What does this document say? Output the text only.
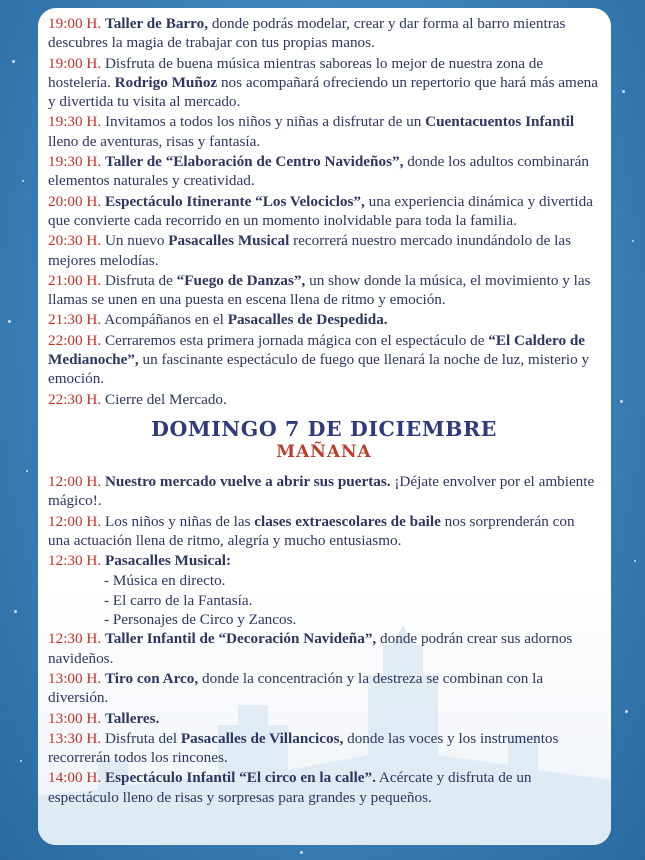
19:00 H. Taller de Barro, donde podrás modelar, crear y dar forma al barro mientras descubres la magia de trabajar con tus propias manos.
19:00 H. Disfruta de buena música mientras saboreas lo mejor de nuestra zona de hostelería. Rodrigo Muñoz nos acompañará ofreciendo un repertorio que hará más amena y divertida tu visita al mercado.
19:30 H. Invitamos a todos los niños y niñas a disfrutar de un Cuentacuentos Infantil lleno de aventuras, risas y fantasía.
19:30 H. Taller de “Elaboración de Centro Navideños”, donde los adultos combinarán elementos naturales y creatividad.
20:00 H. Espectáculo Itinerante “Los Velociclos”, una experiencia dinámica y divertida que convierte cada recorrido en un momento inolvidable para toda la familia.
20:30 H. Un nuevo Pasacalles Musical recorrerá nuestro mercado inundándolo de las mejores melodías.
21:00 H. Disfruta de “Fuego de Danzas”, un show donde la música, el movimiento y las llamas se unen en una puesta en escena llena de ritmo y emoción.
21:30 H. Acompáñanos en el Pasacalles de Despedida.
22:00 H. Cerraremos esta primera jornada mágica con el espectáculo de “El Caldero de Medianoche”, un fascinante espectáculo de fuego que llenará la noche de luz, misterio y emoción.
22:30 H. Cierre del Mercado.
DOMINGO 7 DE DICIEMBRE
MAÑANA
12:00 H. Nuestro mercado vuelve a abrir sus puertas. ¡Déjate envolver por el ambiente mágico!.
12:00 H. Los niños y niñas de las clases extraescolares de baile nos sorprenderán con una actuación llena de ritmo, alegría y mucho entusiasmo.
12:30 H. Pasacalles Musical:
- Música en directo.
- El carro de la Fantasía.
- Personajes de Circo y Zancos.
12:30 H. Taller Infantil de “Decoración Navideña”, donde podrán crear sus adornos navideños.
13:00 H. Tiro con Arco, donde la concentración y la destreza se combinan con la diversión.
13:00 H. Talleres.
13:30 H. Disfruta del Pasacalles de Villancicos, donde las voces y los instrumentos recorrerán todos los rincones.
14:00 H. Espectáculo Infantil “El circo en la calle”. Acércate y disfruta de un espectáculo lleno de risas y sorpresas para grandes y pequeños.
